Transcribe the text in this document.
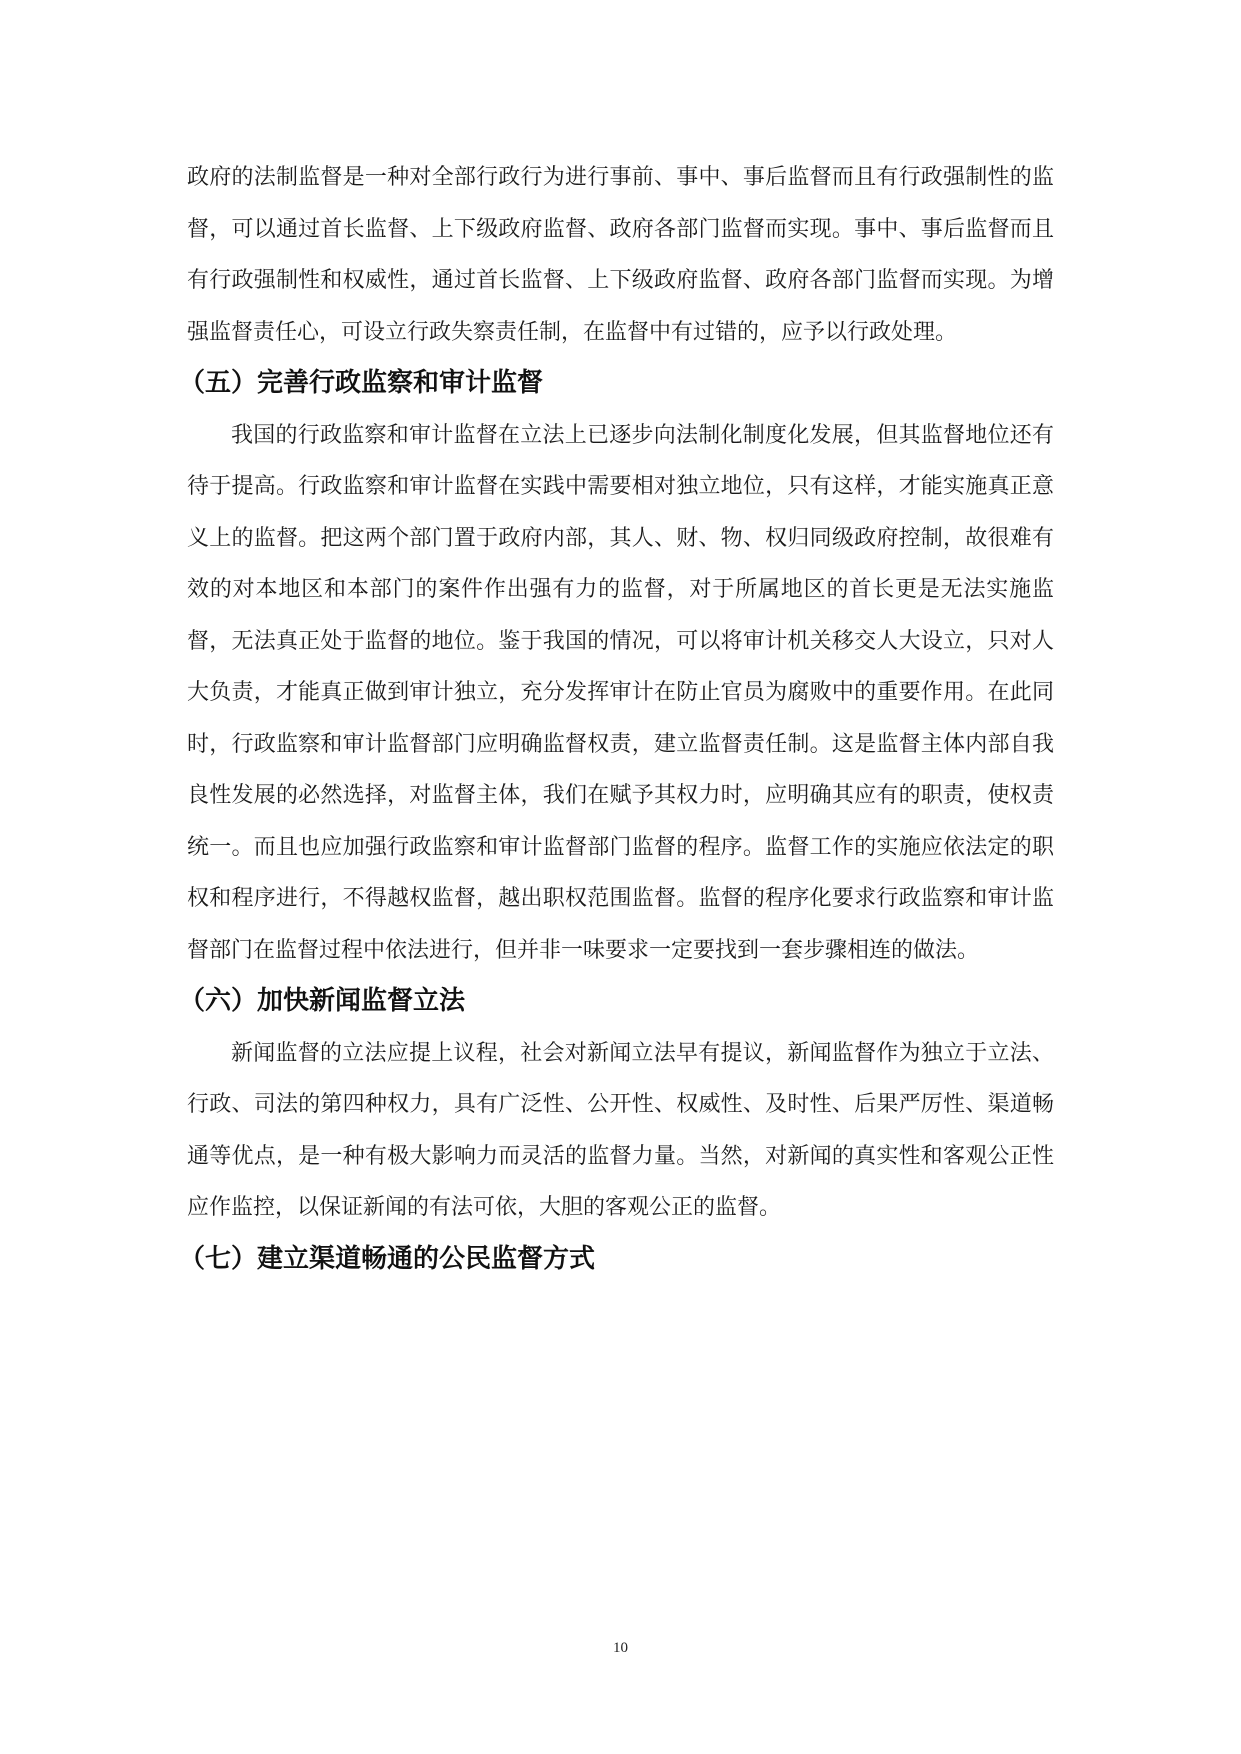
政府的法制监督是一种对全部行政行为进行事前、事中、事后监督而且有行政强制性的监督，可以通过首长监督、上下级政府监督、政府各部门监督而实现。事中、事后监督而且有行政强制性和权威性，通过首长监督、上下级政府监督、政府各部门监督而实现。为增强监督责任心，可设立行政失察责任制，在监督中有过错的，应予以行政处理。

（五）完善行政监察和审计监督

我国的行政监察和审计监督在立法上已逐步向法制化制度化发展，但其监督地位还有待于提高。行政监察和审计监督在实践中需要相对独立地位，只有这样，才能实施真正意义上的监督。把这两个部门置于政府内部，其人、财、物、权归同级政府控制，故很难有效的对本地区和本部门的案件作出强有力的监督，对于所属地区的首长更是无法实施监督，无法真正处于监督的地位。鉴于我国的情况，可以将审计机关移交人大设立，只对人大负责，才能真正做到审计独立，充分发挥审计在防止官员为腐败中的重要作用。在此同时，行政监察和审计监督部门应明确监督权责，建立监督责任制。这是监督主体内部自我良性发展的必然选择，对监督主体，我们在赋予其权力时，应明确其应有的职责，使权责统一。而且也应加强行政监察和审计监督部门监督的程序。监督工作的实施应依法定的职权和程序进行，不得越权监督，越出职权范围监督。监督的程序化要求行政监察和审计监督部门在监督过程中依法进行，但并非一味要求一定要找到一套步骤相连的做法。

（六）加快新闻监督立法

新闻监督的立法应提上议程，社会对新闻立法早有提议，新闻监督作为独立于立法、行政、司法的第四种权力，具有广泛性、公开性、权威性、及时性、后果严厉性、渠道畅通等优点，是一种有极大影响力而灵活的监督力量。当然，对新闻的真实性和客观公正性应作监控，以保证新闻的有法可依，大胆的客观公正的监督。

（七）建立渠道畅通的公民监督方式
10
